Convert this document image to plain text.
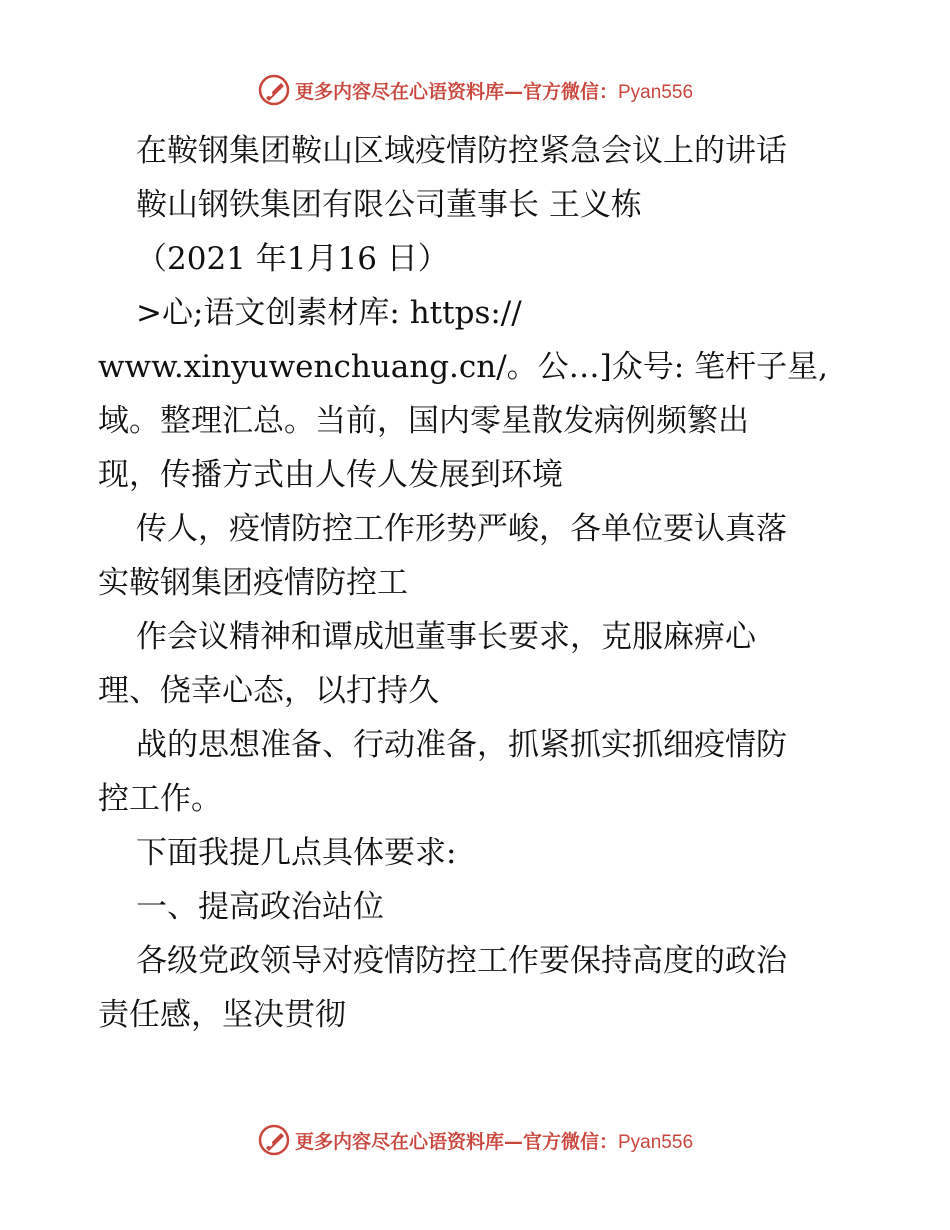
更多内容尽在心语资料库—官方微信：Pyan556
在鞍钢集团鞍山区域疫情防控紧急会议上的讲话
鞍山钢铁集团有限公司董事长 王义栋
（2021 年1月16 日）
>心;语文创素材库: https://
www.xinyuwenchuang.cn/。公…]众号: 笔杆子星,
域。整理汇总。当前，国内零星散发病例频繁出
现，传播方式由人传人发展到环境
传人，疫情防控工作形势严峻，各单位要认真落
实鞍钢集团疫情防控工
作会议精神和谭成旭董事长要求，克服麻痹心
理、侥幸心态，以打持久
战的思想准备、行动准备，抓紧抓实抓细疫情防
控工作。
下面我提几点具体要求:
一、提高政治站位
各级党政领导对疫情防控工作要保持高度的政治
责任感，坚决贯彻
更多内容尽在心语资料库—官方微信：Pyan556
